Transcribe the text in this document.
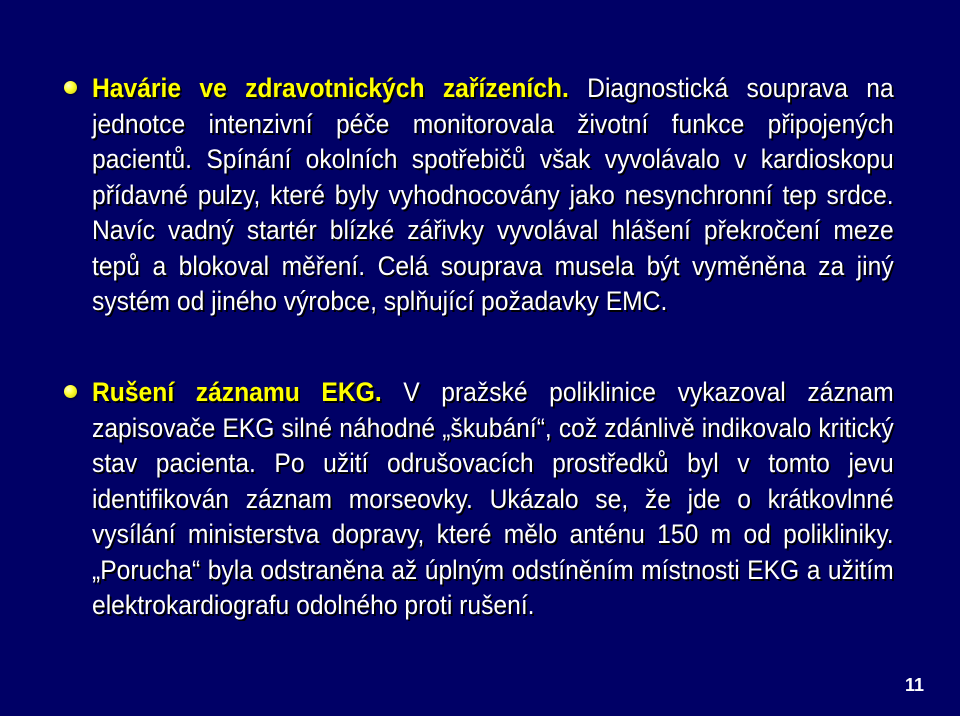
Havárie ve zdravotnických zařízeních. Diagnostická souprava na jednotce intenzivní péče monitorovala životní funkce připojených pacientů. Spínání okolních spotřebičů však vyvolávalo v kardioskopu přídavné pulzy, které byly vyhodnocovány jako nesynchronní tep srdce. Navíc vadný startér blízké zářivky vyvolával hlášení překročení meze tepů a blokoval měření. Celá souprava musela být vyměněna za jiný systém od jiného výrobce, splňující požadavky EMC.
Rušení záznamu EKG. V pražské poliklinice vykazoval záznam zapisovače EKG silné náhodné „škubání“, což zdánlivě indikovalo kritický stav pacienta. Po užití odrušovacích prostředků byl v tomto jevu identifikován záznam morseovky. Ukázalo se, že jde o krátkovlnné vysílání ministerstva dopravy, které mělo anténu 150 m od polikliniky. „Porucha“ byla odstraněna až úplným odstíněním místnosti EKG a užitím elektrokardiografu odolného proti rušení.
11
